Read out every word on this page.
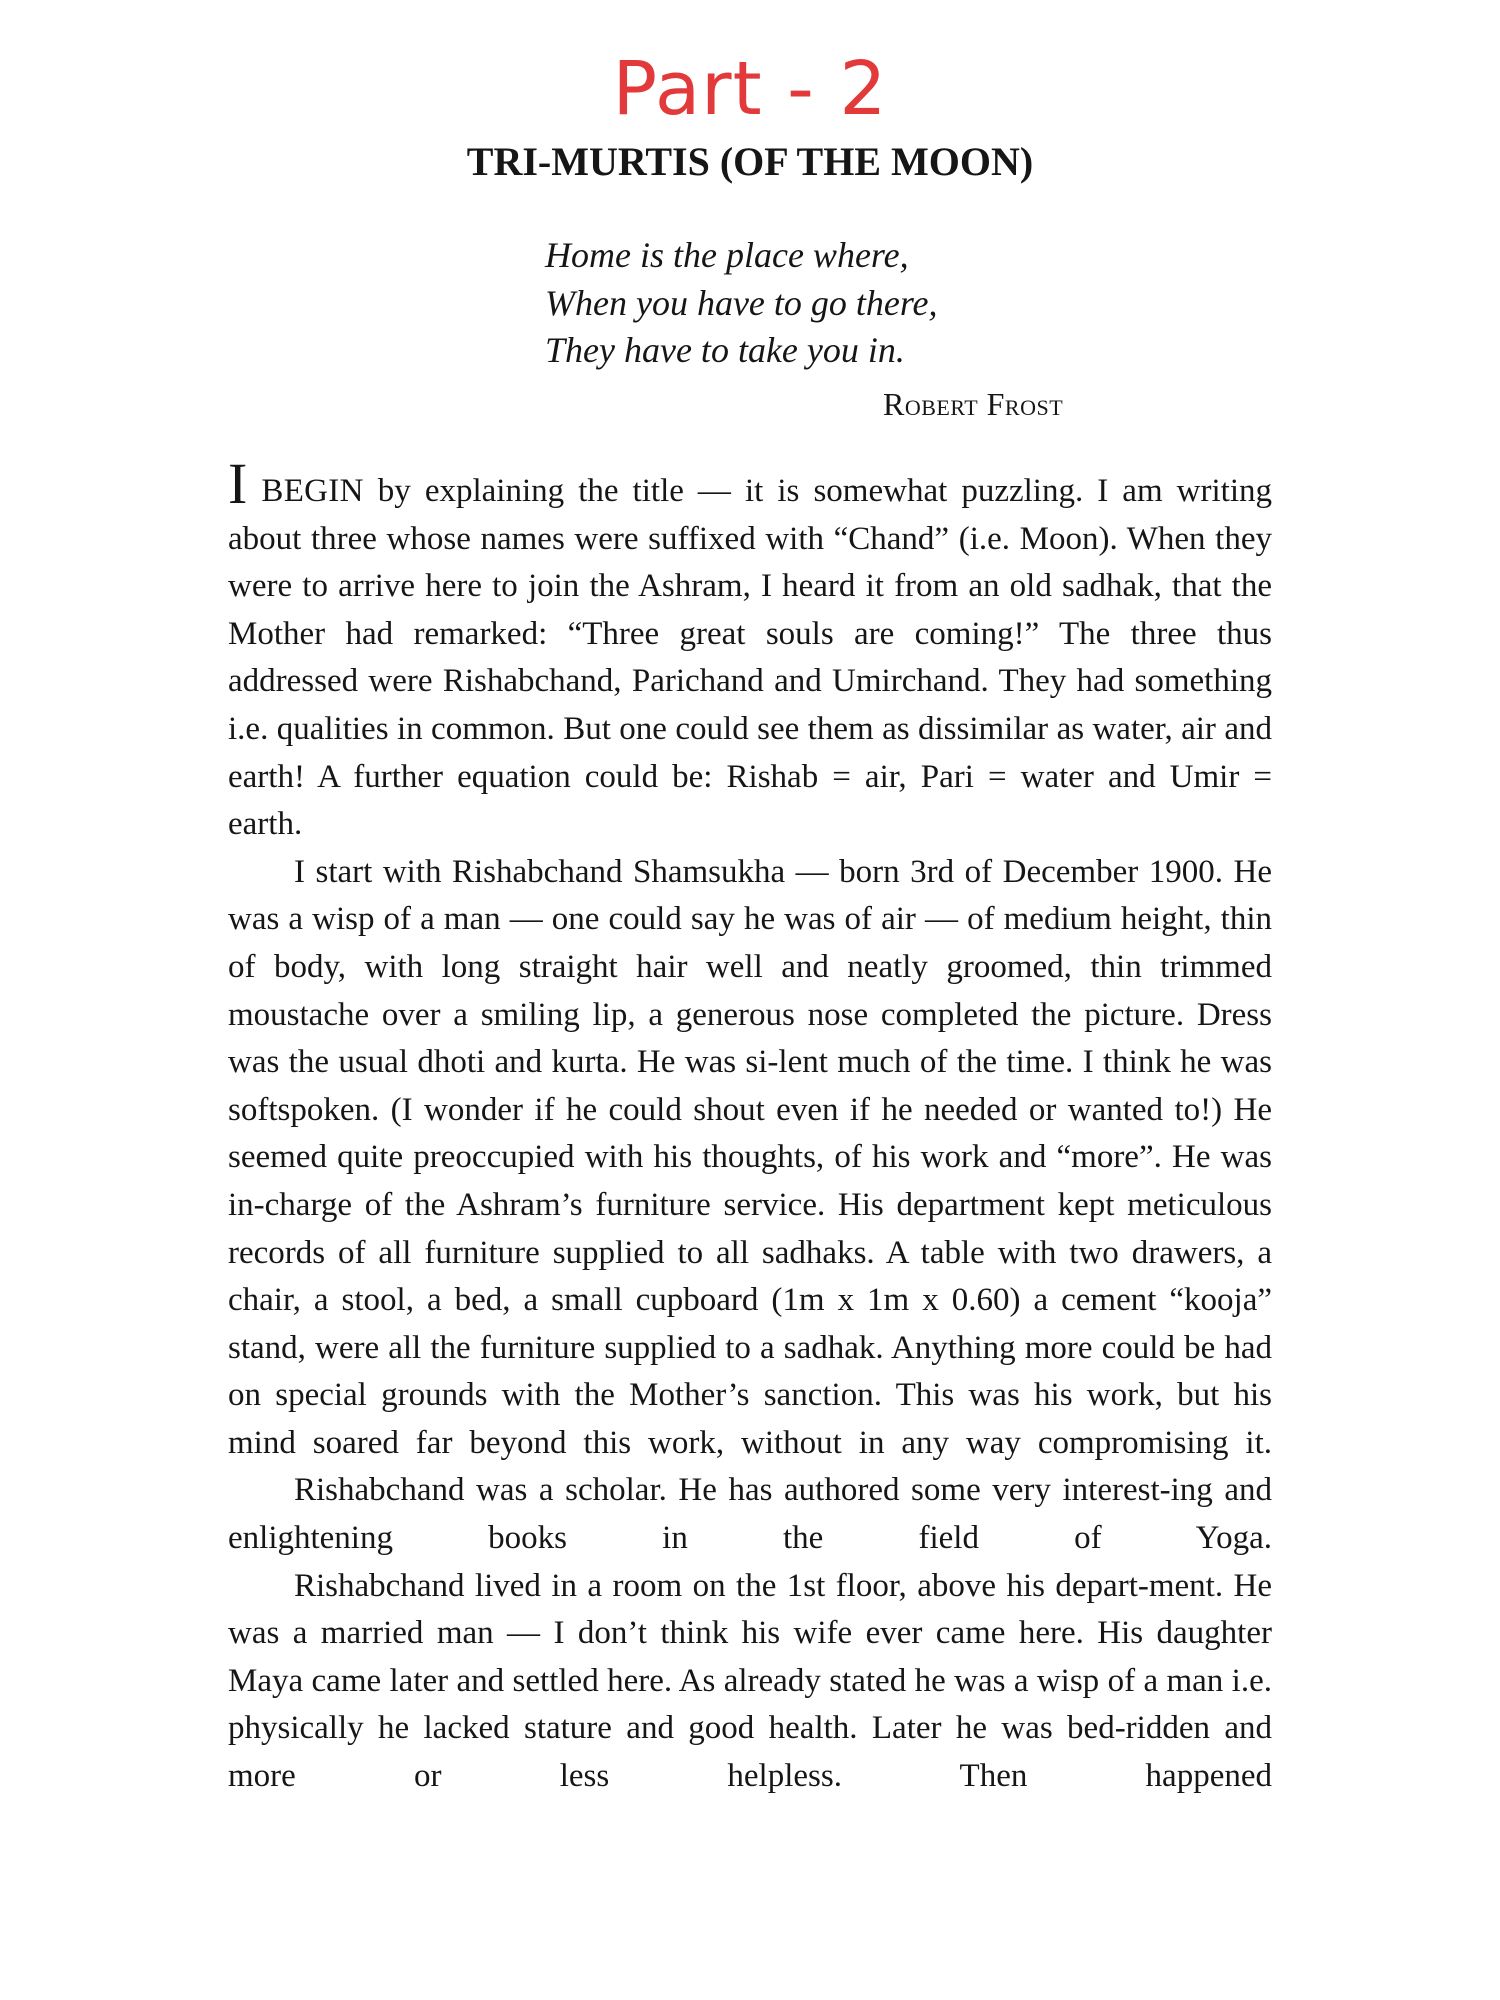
Part - 2
TRI-MURTIS (OF THE MOON)
Home is the place where,
When you have to go there,
They have to take you in.
Robert Frost

I BEGIN by explaining the title — it is somewhat puzzling. I am writing about three whose names were suffixed with “Chand” (i.e. Moon). When they were to arrive here to join the Ashram, I heard it from an old sadhak, that the Mother had remarked: “Three great souls are coming!” The three thus addressed were Rishabchand, Parichand and Umirchand. They had something i.e. qualities in common. But one could see them as dissimilar as water, air and earth! A further equation could be: Rishab = air, Pari = water and Umir = earth.

I start with Rishabchand Shamsukha — born 3rd of December 1900. He was a wisp of a man — one could say he was of air — of medium height, thin of body, with long straight hair well and neatly groomed, thin trimmed moustache over a smiling lip, a generous nose completed the picture. Dress was the usual dhoti and kurta. He was si-lent much of the time. I think he was softspoken. (I wonder if he could shout even if he needed or wanted to!) He seemed quite preoccupied with his thoughts, of his work and “more”. He was in-charge of the Ashram’s furniture service. His department kept meticulous records of all furniture supplied to all sadhaks. A table with two drawers, a chair, a stool, a bed, a small cupboard (1m x 1m x 0.60) a cement “kooja” stand, were all the furniture supplied to a sadhak. Anything more could be had on special grounds with the Mother’s sanction. This was his work, but his mind soared far beyond this work, without in any way compromising it.

Rishabchand was a scholar. He has authored some very interest-ing and enlightening books in the field of Yoga.

Rishabchand lived in a room on the 1st floor, above his depart-ment. He was a married man — I don’t think his wife ever came here. His daughter Maya came later and settled here. As already stated he was a wisp of a man i.e. physically he lacked stature and good health. Later he was bed-ridden and more or less helpless. Then happened
